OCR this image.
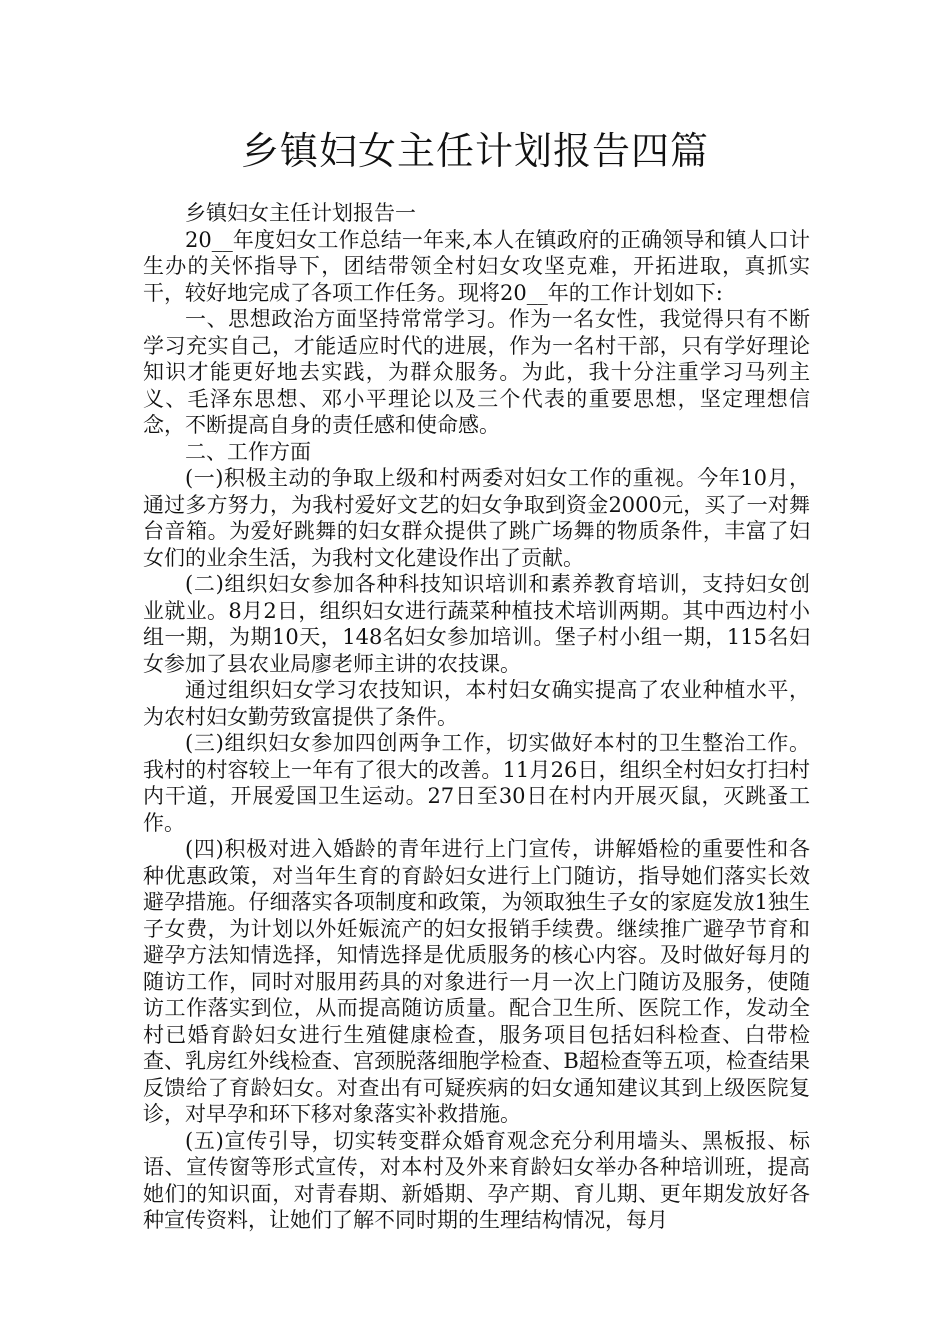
乡镇妇女主任计划报告四篇

乡镇妇女主任计划报告一

20__年度妇女工作总结一年来,本人在镇政府的正确领导和镇人口计生办的关怀指导下，团结带领全村妇女攻坚克难，开拓进取，真抓实干，较好地完成了各项工作任务。现将20__年的工作计划如下:

一、思想政治方面坚持常常学习。作为一名女性，我觉得只有不断学习充实自己，才能适应时代的进展，作为一名村干部，只有学好理论知识才能更好地去实践，为群众服务。为此，我十分注重学习马列主义、毛泽东思想、邓小平理论以及三个代表的重要思想，坚定理想信念，不断提高自身的责任感和使命感。

二、工作方面

(一)积极主动的争取上级和村两委对妇女工作的重视。今年10月，通过多方努力，为我村爱好文艺的妇女争取到资金2000元，买了一对舞台音箱。为爱好跳舞的妇女群众提供了跳广场舞的物质条件，丰富了妇女们的业余生活，为我村文化建设作出了贡献。

(二)组织妇女参加各种科技知识培训和素养教育培训，支持妇女创业就业。8月2日，组织妇女进行蔬菜种植技术培训两期。其中西边村小组一期，为期10天，148名妇女参加培训。堡子村小组一期，115名妇女参加了县农业局廖老师主讲的农技课。

通过组织妇女学习农技知识，本村妇女确实提高了农业种植水平，为农村妇女勤劳致富提供了条件。

(三)组织妇女参加四创两争工作，切实做好本村的卫生整治工作。我村的村容较上一年有了很大的改善。11月26日，组织全村妇女打扫村内干道，开展爱国卫生运动。27日至30日在村内开展灭鼠，灭跳蚤工作。

(四)积极对进入婚龄的青年进行上门宣传，讲解婚检的重要性和各种优惠政策，对当年生育的育龄妇女进行上门随访，指导她们落实长效避孕措施。仔细落实各项制度和政策，为领取独生子女的家庭发放1独生子女费，为计划以外妊娠流产的妇女报销手续费。继续推广避孕节育和避孕方法知情选择，知情选择是优质服务的核心内容。及时做好每月的随访工作，同时对服用药具的对象进行一月一次上门随访及服务，使随访工作落实到位，从而提高随访质量。配合卫生所、医院工作，发动全村已婚育龄妇女进行生殖健康检查，服务项目包括妇科检查、白带检查、乳房红外线检查、宫颈脱落细胞学检查、B超检查等五项，检查结果反馈给了育龄妇女。对查出有可疑疾病的妇女通知建议其到上级医院复诊，对早孕和环下移对象落实补救措施。

(五)宣传引导，切实转变群众婚育观念充分利用墙头、黑板报、标语、宣传窗等形式宣传，对本村及外来育龄妇女举办各种培训班，提高她们的知识面，对青春期、新婚期、孕产期、育儿期、更年期发放好各种宣传资料，让她们了解不同时期的生理结构情况，每月
